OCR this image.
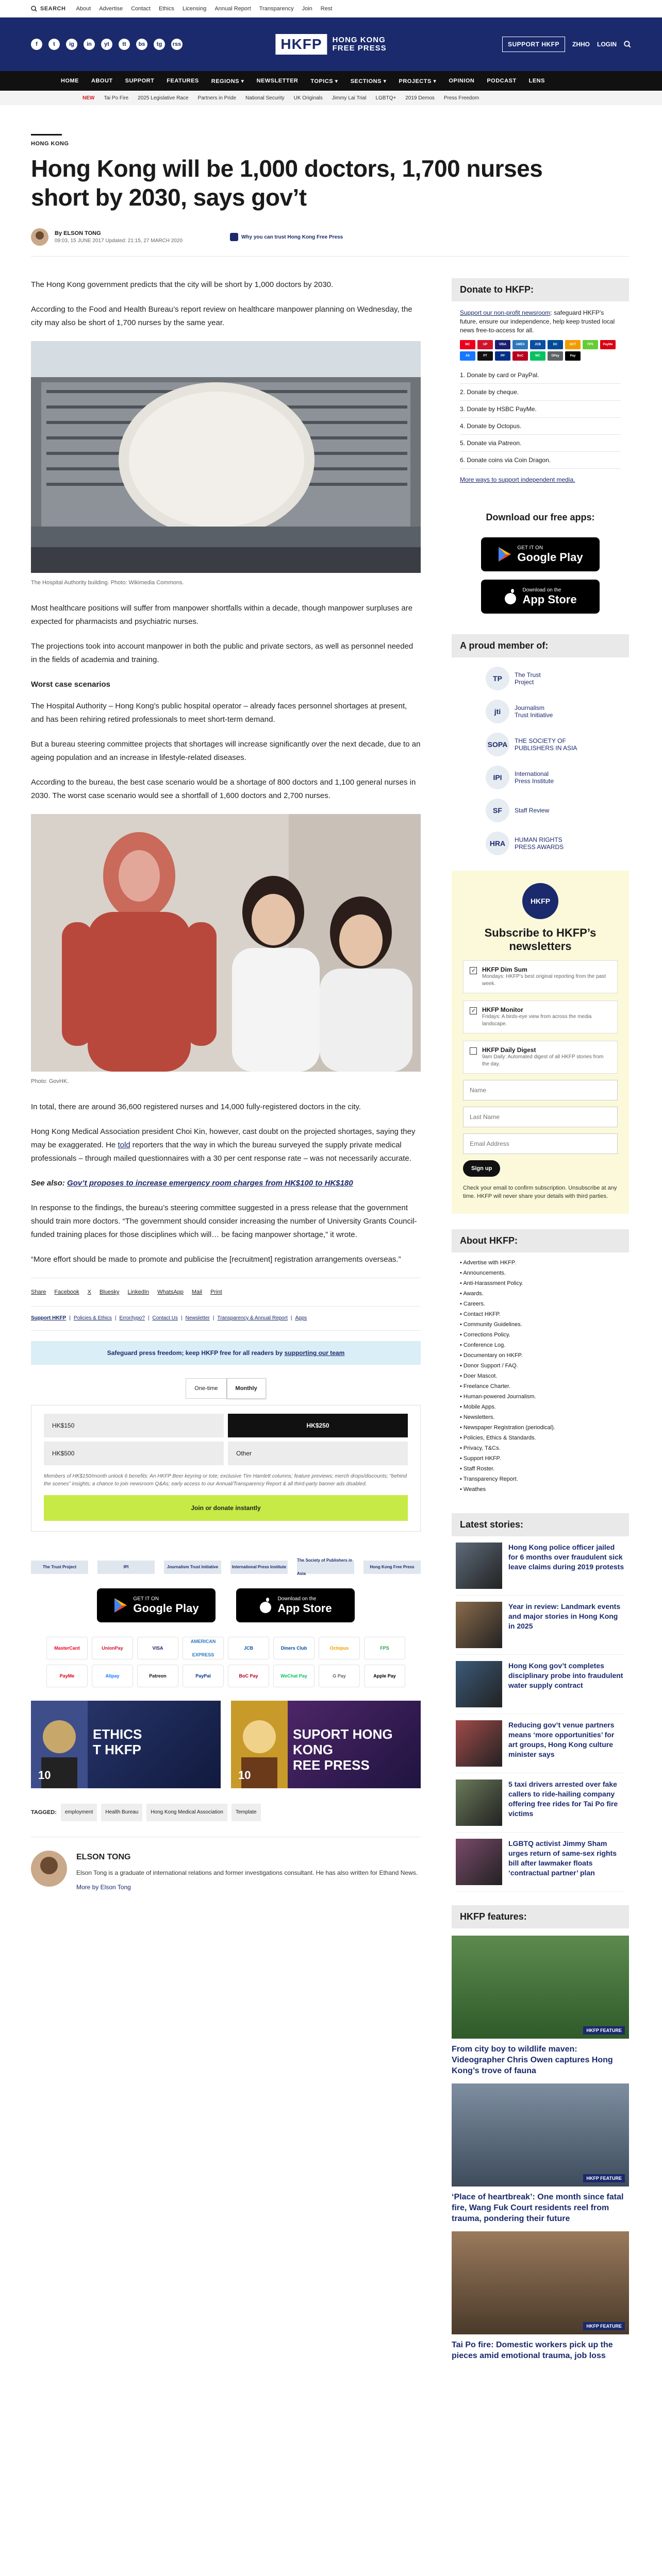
SEARCH About Advertise Contact Ethics Licensing Annual Report Transparency Join Rest
f	t	ig	in	yt	tt	bs	tg	rss	HKFP	HONG KONG
FREE PRESS	SUPPORT HKFP	ZHHO LOGIN
HOME ABOUT SUPPORT FEATURES REGIONS ▾ NEWSLETTER TOPICS ▾ SECTIONS ▾ PROJECTS ▾ OPINION PODCAST LENS
NEW Tai Po Fire 2025 Legislative Race Partners in Pride National Security UK Originals Jimmy Lai Trial LGBTQ+ 2019 Demos Press Freedom
HONG KONG
Hong Kong will be 1,000 doctors, 1,700 nurses short by 2030, says gov’t
By ELSON TONG
09:03, 15 JUNE 2017 Updated: 21:15, 27 MARCH 2020
Why you can trust Hong Kong Free Press

The Hong Kong government predicts that the city will be short by 1,000 doctors by 2030.

According to the Food and Health Bureau’s report review on healthcare manpower planning on Wednesday, the city may also be short of 1,700 nurses by the same year.

The Hospital Authority building. Photo: Wikimedia Commons.

Most healthcare positions will suffer from manpower shortfalls within a decade, though manpower surpluses are expected for pharmacists and psychiatric nurses.

The projections took into account manpower in both the public and private sectors, as well as personnel needed in the fields of academia and training.

Worst case scenarios

The Hospital Authority – Hong Kong’s public hospital operator – already faces personnel shortages at present, and has been rehiring retired professionals to meet short-term demand.

But a bureau steering committee projects that shortages will increase significantly over the next decade, due to an ageing population and an increase in lifestyle-related diseases.

According to the bureau, the best case scenario would be a shortage of 800 doctors and 1,100 general nurses in 2030. The worst case scenario would see a shortfall of 1,600 doctors and 2,700 nurses.

Photo: GovHK.

In total, there are around 36,600 registered nurses and 14,000 fully-registered doctors in the city.

Hong Kong Medical Association president Choi Kin, however, cast doubt on the projected shortages, saying they may be exaggerated. He told reporters that the way in which the bureau surveyed the supply private medical professionals – through mailed questionnaires with a 30 per cent response rate – was not necessarily accurate.

See also: Gov’t proposes to increase emergency room charges from HK$100 to HK$180

In response to the findings, the bureau’s steering committee suggested in a press release that the government should train more doctors. “The government should consider increasing the number of University Grants Council-funded training places for those disciplines which will… be facing manpower shortage,” it wrote.

“More effort should be made to promote and publicise the [recruitment] registration arrangements overseas.”

Share Facebook X Bluesky LinkedIn WhatsApp Mail Print
Support HKFP | Policies & Ethics | Error/typo? | Contact Us | Newsletter | Transparency & Annual Report | Apps
Safeguard press freedom; keep HKFP free for all readers by supporting our team
One-time	Monthly
HK$150	HK$250
HK$500	Other
Members of HK$150/month unlock 6 benefits: An HKFP Beer keyring or tote; exclusive Tim Hamlett columns; feature previews; merch drops/discounts; “behind the scenes” insights; a chance to join newsroom Q&As; early access to our Annual/Transparency Report & all third-party banner ads disabled.
Join or donate instantly
The Trust Project	IPI	Journalism Trust Initiative	International Press Institute
The Society of Publishers in Asia
Hong Kong Free Press
GET IT ON
Google Play
Download on the
App Store
MasterCard	UnionPay	VISA
AMERICAN EXPRESS
JCB	Diners Club	Octopus	FPS
PayMe	Alipay	Patreon	PayPal	BoC Pay	WeChat Pay	G Pay	Apple Pay
ETHICS
T HKFP
10
SUPORT HONG
KONG
REE PRESS
10
TAGGED:	employment	Health Bureau	Hong Kong Medical Association	Template
ELSON TONG
Elson Tong is a graduate of international relations and former investigations consultant. He has also written for Ethand News.
More by Elson Tong
Donate to HKFP:
Support our non-profit newsroom: safeguard HKFP’s future, ensure our independence, help keep trusted local news free-to-access for all.
MC	UP	VISA	AMEX	JCB	DC	OCT	FPS	PayMe
Ali	PT	PP	BoC	WC	GPay	Pay
1. Donate by card or PayPal.
2. Donate by cheque.
3. Donate by HSBC PayMe.
4. Donate by Octopus.
5. Donate via Patreon.
6. Donate coins via Coin Dragon.
More ways to support independent media.
Download our free apps:
GET IT ON
Google Play
Download on the
App Store
A proud member of:
TP	The Trust
Project
jti	Journalism
Trust Initiative
SOPA	THE SOCIETY OF
PUBLISHERS IN ASIA
IPI	International
Press Institute
SF	Staff Review
HRA	HUMAN RIGHTS
PRESS AWARDS
HKFP
Subscribe to HKFP’s newsletters
✓
HKFP Dim Sum
Mondays: HKFP’s best original reporting from the past week.
✓
HKFP Monitor
Fridays: A birds-eye view from across the media landscape.
HKFP Daily Digest
9am Daily: Automated digest of all HKFP stories from the day.
Name Last Name Email Address Sign up
Check your email to confirm subscription. Unsubscribe at any time. HKFP will never share your details with third parties.
About HKFP:
• Advertise with HKFP.
• Announcements.
• Anti-Harassment Policy.
• Awards.
• Careers.
• Contact HKFP.
• Community Guidelines.
• Corrections Policy.
• Conference Log.
• Documentary on HKFP.
• Donor Support / FAQ.
• Doer Mascot.
• Freelance Charter.
• Human-powered Journalism.
• Mobile Apps.
• Newsletters.
• Newspaper Registration (periodical).
• Policies, Ethics & Standards.
• Privacy, T&Cs.
• Support HKFP.
• Staff Roster.
• Transparency Report.
• Weathes
Latest stories:
Hong Kong police officer jailed for 6 months over fraudulent sick leave claims during 2019 protests
Year in review: Landmark events and major stories in Hong Kong in 2025
Hong Kong gov’t completes disciplinary probe into fraudulent water supply contract
Reducing gov’t venue partners means ‘more opportunities’ for art groups, Hong Kong culture minister says
5 taxi drivers arrested over fake callers to ride-hailing company offering free rides for Tai Po fire victims
LGBTQ activist Jimmy Sham urges return of same-sex rights bill after lawmaker floats ‘contractual partner’ plan
HKFP features:
HKFP FEATURE
From city boy to wildlife maven: Videographer Chris Owen captures Hong Kong’s trove of fauna
HKFP FEATURE
‘Place of heartbreak’: One month since fatal fire, Wang Fuk Court residents reel from trauma, pondering their future
HKFP FEATURE
Tai Po fire: Domestic workers pick up the pieces amid emotional trauma, job loss
